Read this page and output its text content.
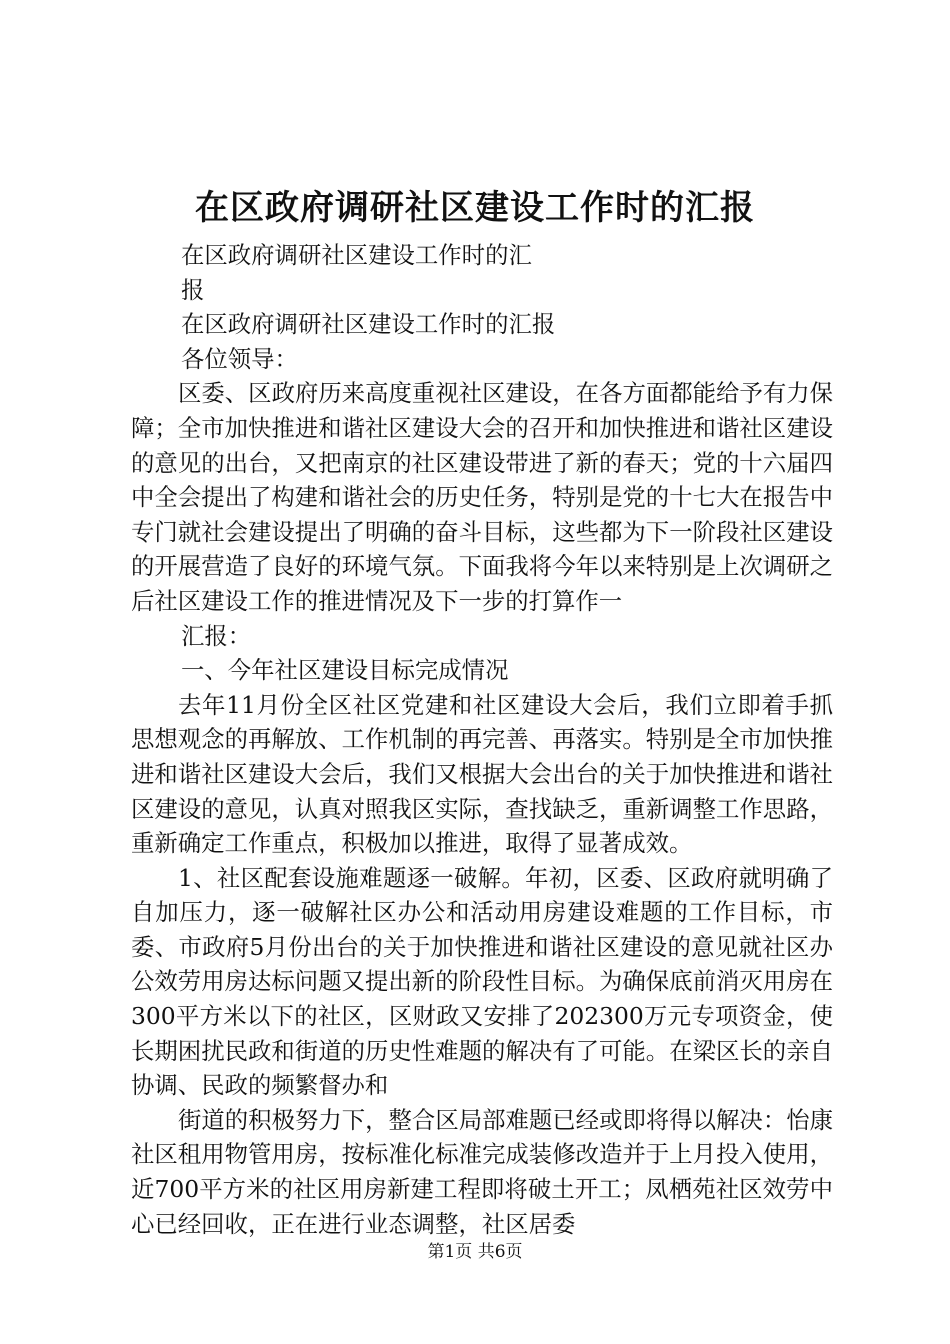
在区政府调研社区建设工作时的汇报

在区政府调研社区建设工作时的汇

报

在区政府调研社区建设工作时的汇报

各位领导：

区委、区政府历来高度重视社区建设，在各方面都能给予有力保障；全市加快推进和谐社区建设大会的召开和加快推进和谐社区建设的意见的出台，又把南京的社区建设带进了新的春天；党的十六届四中全会提出了构建和谐社会的历史任务，特别是党的十七大在报告中专门就社会建设提出了明确的奋斗目标，这些都为下一阶段社区建设的开展营造了良好的环境气氛。下面我将今年以来特别是上次调研之后社区建设工作的推进情况及下一步的打算作一

汇报：

一、今年社区建设目标完成情况

去年11月份全区社区党建和社区建设大会后，我们立即着手抓思想观念的再解放、工作机制的再完善、再落实。特别是全市加快推进和谐社区建设大会后，我们又根据大会出台的关于加快推进和谐社区建设的意见，认真对照我区实际，查找缺乏，重新调整工作思路，重新确定工作重点，积极加以推进，取得了显著成效。

1、社区配套设施难题逐一破解。年初，区委、区政府就明确了自加压力，逐一破解社区办公和活动用房建设难题的工作目标，市委、市政府5月份出台的关于加快推进和谐社区建设的意见就社区办公效劳用房达标问题又提出新的阶段性目标。为确保底前消灭用房在300平方米以下的社区，区财政又安排了202300万元专项资金，使长期困扰民政和街道的历史性难题的解决有了可能。在梁区长的亲自协调、民政的频繁督办和

街道的积极努力下，整合区局部难题已经或即将得以解决：怡康社区租用物管用房，按标准化标准完成装修改造并于上月投入使用，近700平方米的社区用房新建工程即将破土开工；凤栖苑社区效劳中心已经回收，正在进行业态调整，社区居委

第1页 共6页
